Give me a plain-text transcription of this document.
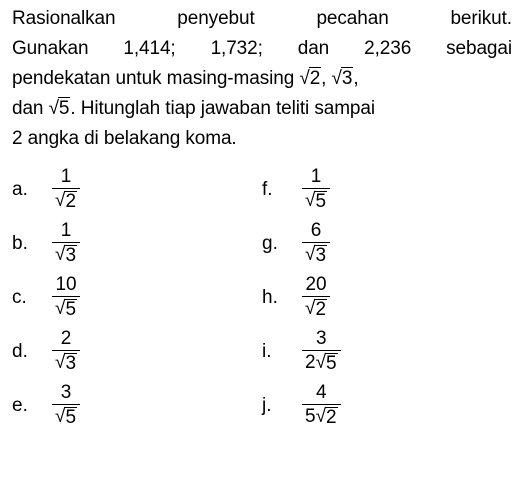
Rasionalkan	penyebut	pecahan	berikut.
Gunakan 1,414; 1,732; dan 2,236 sebagai
pendekatan untuk masing-masing √2, √3,
dan √5. Hitunglah tiap jawaban teliti sampai
2 angka di belakang koma.
a.	$\frac{1}{√ 2}$
b.	$\frac{1}{√ 3}$
c.	$\frac{10}{√ 5}$
d.	$\frac{2}{√ 3}$
e.	$\frac{3}{√ 5}$
f.	$\frac{1}{√ 5}$
g.	$\frac{6}{√ 3}$
h.	$\frac{20}{√ 2}$
i.	$\frac{3}{2 √ 5}$
j.	$\frac{4}{5 √ 2}$
